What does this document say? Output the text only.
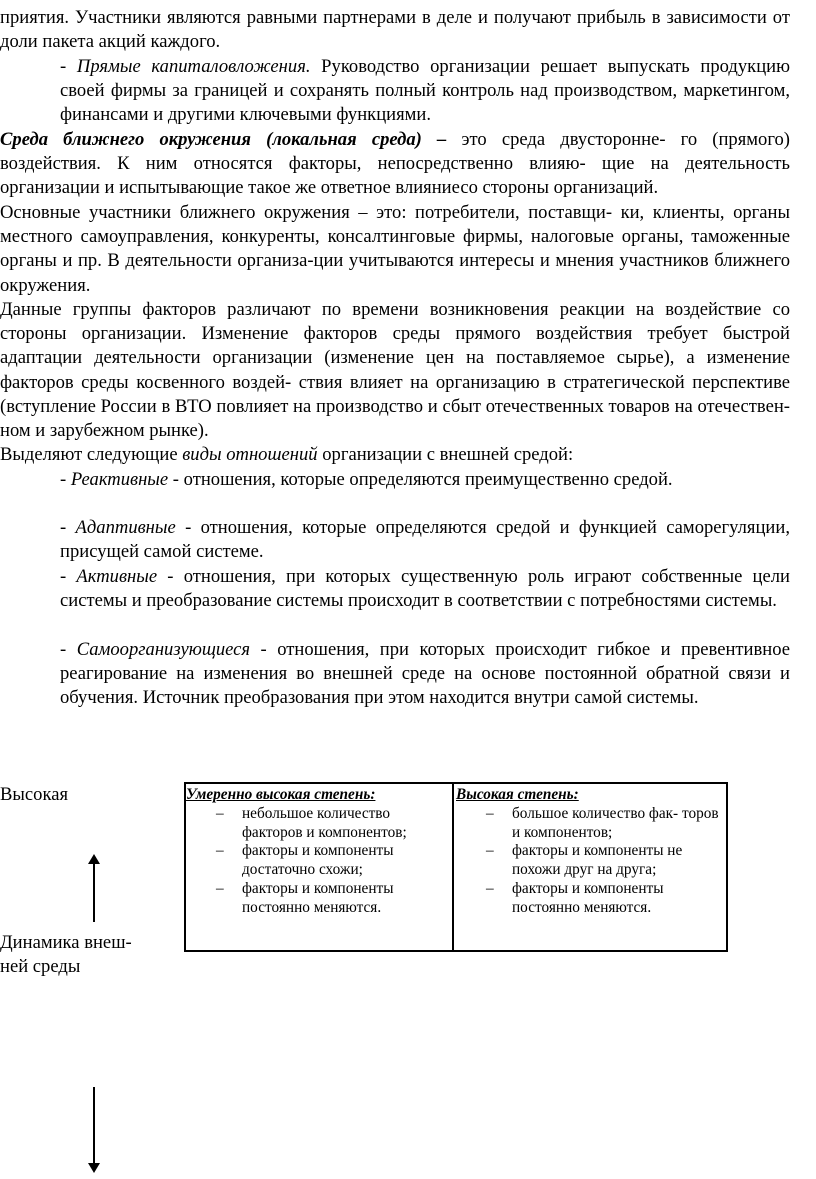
приятия. Участники являются равными партнерами в деле и получают прибыль в зависимости от доли пакета акций каждого.

- Прямые капиталовложения. Руководство организации решает выпускать продукцию своей фирмы за границей и сохранять полный контроль над производством, маркетингом, финансами и другими ключевыми функциями.

Среда ближнего окружения (локальная среда) – это среда двусторонне- го (прямого) воздействия. К ним относятся факторы, непосредственно влияю- щие на деятельность организации и испытывающие такое же ответное влияниесо стороны организаций.

Основные участники ближнего окружения – это: потребители, поставщи- ки, клиенты, органы местного самоуправления, конкуренты, консалтинговые фирмы, налоговые органы, таможенные органы и пр. В деятельности организа-ции учитываются интересы и мнения участников ближнего окружения.

Данные группы факторов различают по времени возникновения реакции на воздействие со стороны организации. Изменение факторов среды прямого воздействия требует быстрой адаптации деятельности организации (изменение цен на поставляемое сырье), а изменение факторов среды косвенного воздей- ствия влияет на организацию в стратегической перспективе (вступление России в ВТО повлияет на производство и сбыт отечественных товаров на отечествен- ном и зарубежном рынке).

Выделяют следующие виды отношений организации с внешней средой:

- Реактивные - отношения, которые определяются преимущественно средой.

- Адаптивные - отношения, которые определяются средой и функцией саморегуляции, присущей самой системе.

- Активные - отношения, при которых существенную роль играют собственные цели системы и преобразование системы происходит в соответствии с потребностями системы.

- Самоорганизующиеся - отношения, при которых происходит гибкое и превентивное реагирование на изменения во внешней среде на основе постоянной обратной связи и обучения. Источник преобразования при этом находится внутри самой системы.

Высокая
Динамика внеш-
ней среды
Умеренно высокая степень:
– небольшое количество факторов и компонентов;
– факторы и компоненты достаточно схожи;
– факторы и компоненты постоянно меняются.
Высокая степень:
– большое количество фак- торов и компонентов;
– факторы и компоненты не похожи друг на друга;
– факторы и компоненты постоянно меняются.
